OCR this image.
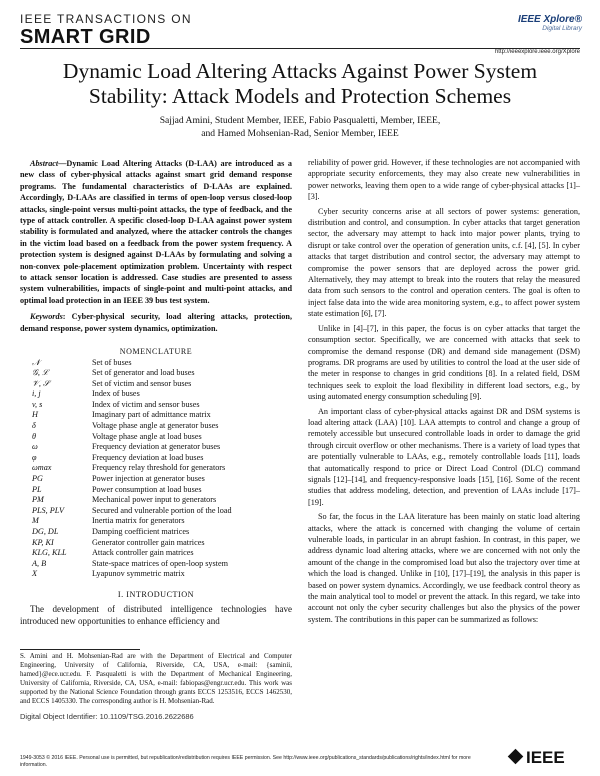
IEEE TRANSACTIONS ON
SMART GRID
IEEE Xplore®
Digital Library
http://ieeexplore.ieee.org/Xplore
Dynamic Load Altering Attacks Against Power System
Stability: Attack Models and Protection Schemes
Sajjad Amini, Student Member, IEEE, Fabio Pasqualetti, Member, IEEE,
and Hamed Mohsenian-Rad, Senior Member, IEEE

Abstract—Dynamic Load Altering Attacks (D-LAA) are introduced as a new class of cyber-physical attacks against smart grid demand response programs. The fundamental characteristics of D-LAAs are explained. Accordingly, D-LAAs are classified in terms of open-loop versus closed-loop attacks, single-point versus multi-point attacks, the type of feedback, and the type of attack controller. A specific closed-loop D-LAA against power system stability is formulated and analyzed, where the attacker controls the changes in the victim load based on a feedback from the power system frequency. A protection system is designed against D-LAAs by formulating and solving a non-convex pole-placement optimization problem. Uncertainty with respect to attack sensor location is addressed. Case studies are presented to assess system vulnerabilities, impacts of single-point and multi-point attacks, and optimal load protection in an IEEE 39 bus test system.

Keywords: Cyber-physical security, load altering attacks, protection, demand response, power system dynamics, optimization.

NOMENCLATURE

𝒩	Set of buses
𝒢, ℒ	Set of generator and load buses
𝒱, 𝒮	Set of victim and sensor buses
i, j	Index of buses
v, s	Index of victim and sensor buses
H	Imaginary part of admittance matrix
δ	Voltage phase angle at generator buses
θ	Voltage phase angle at load buses
ω	Frequency deviation at generator buses
φ	Frequency deviation at load buses
ωmax	Frequency relay threshold for generators
PG	Power injection at generator buses
PL	Power consumption at load buses
PM	Mechanical power input to generators
PLS, PLV	Secured and vulnerable portion of the load
M	Inertia matrix for generators
DG, DL	Damping coefficient matrices
KP, KI	Generator controller gain matrices
KLG, KLL	Attack controller gain matrices
A, B	State-space matrices of open-loop system
X	Lyapunov symmetric matrix

I. INTRODUCTION

The development of distributed intelligence technologies have introduced new opportunities to enhance efficiency and

S. Amini and H. Mohsenian-Rad are with the Department of Electrical and Computer Engineering, University of California, Riverside, CA, USA, e-mail: {saminii, hamed}@ece.ucr.edu. F. Pasqualetti is with the Department of Mechanical Engineering, University of California, Riverside, CA, USA, e-mail: fabiopas@engr.ucr.edu. This work was supported by the National Science Foundation through grants ECCS 1253516, ECCS 1462530, and ECCS 1405330. The corresponding author is H. Mohsenian-Rad.
Digital Object Identifier: 10.1109/TSG.2016.2622686

reliability of power grid. However, if these technologies are not accompanied with appropriate security enforcements, they may also create new vulnerabilities in power networks, leaving them open to a wide range of cyber-physical attacks [1]–[3].

Cyber security concerns arise at all sectors of power systems: generation, distribution and control, and consumption. In cyber attacks that target generation sector, the adversary may attempt to hack into major power plants, trying to disrupt or take control over the operation of generation units, c.f. [4], [5]. In cyber attacks that target distribution and control sector, the adversary may attempt to compromise the power sensors that are deployed across the power grid. Alternatively, they may attempt to break into the routers that relay the measured data from such sensors to the control and operation centers. The goal is often to inject false data into the wide area monitoring system, e.g., to affect power system state estimation [6], [7].

Unlike in [4]–[7], in this paper, the focus is on cyber attacks that target the consumption sector. Specifically, we are concerned with attacks that seek to compromise the demand response (DR) and demand side management (DSM) programs. DR programs are used by utilities to control the load at the user side of the meter in response to changes in grid conditions [8]. In a related field, DSM techniques seek to exploit the load flexibility in different load sectors, e.g., by using automated energy consumption scheduling [9].

An important class of cyber-physical attacks against DR and DSM systems is load altering attack (LAA) [10]. LAA attempts to control and change a group of remotely accessible but unsecured controllable loads in order to damage the grid through circuit overflow or other mechanisms. There is a variety of load types that are potentially vulnerable to LAAs, e.g., remotely controllable loads [11], loads that automatically respond to price or Direct Load Control (DLC) command signals [12]–[14], and frequency-responsive loads [15], [16]. Some of the recent studies that address modeling, detection, and prevention of LAAs include [17]–[19].

So far, the focus in the LAA literature has been mainly on static load altering attacks, where the attack is concerned with changing the volume of certain vulnerable loads, in particular in an abrupt fashion. In contrast, in this paper, we address dynamic load altering attacks, where we are concerned with not only the amount of the change in the compromised load but also the trajectory over time at which the load is changed. Unlike in [10], [17]–[19], the analysis in this paper is based on power system dynamics. Accordingly, we use feedback control theory as the main analytical tool to model or prevent the attack. In this regard, we take into account not only the cyber security challenges but also the physics of the power system. The contributions in this paper can be summarized as follows:

1949-3053 © 2016 IEEE. Personal use is permitted, but republication/redistribution requires IEEE permission. See http://www.ieee.org/publications_standards/publications/rights/index.html for more information.	IEEE
